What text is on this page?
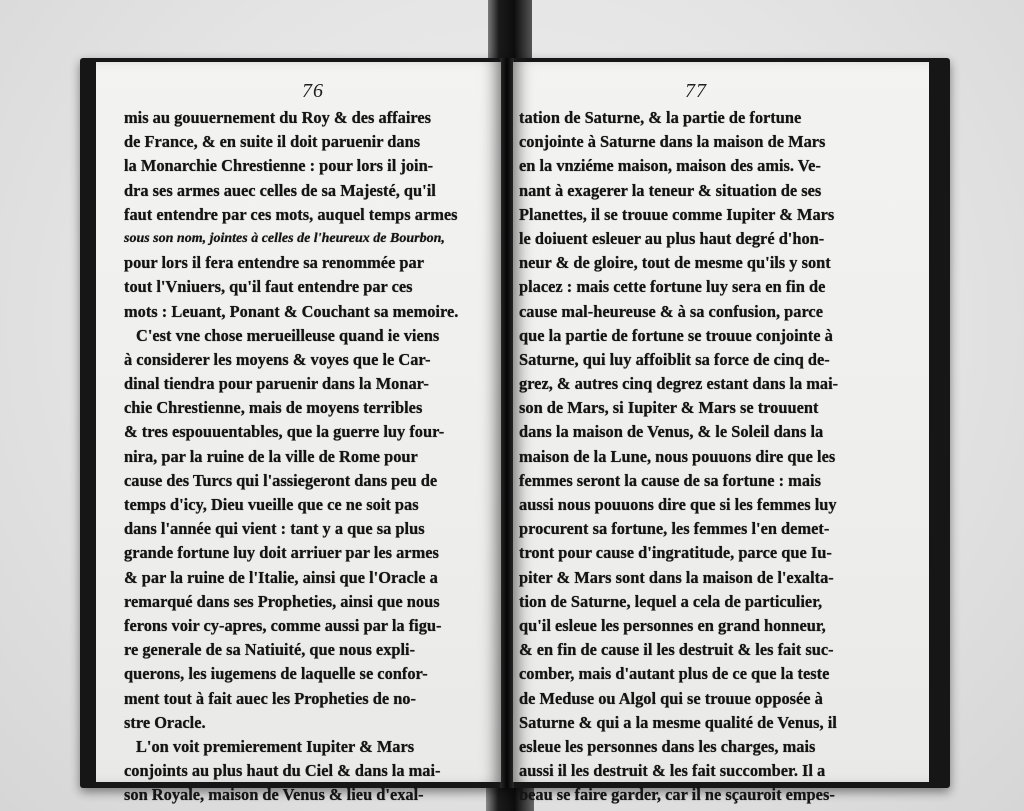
76
mis au gouuernement du Roy & des affaires
de France, & en suite il doit paruenir dans
la Monarchie Chrestienne : pour lors il join-
dra ses armes auec celles de sa Majesté, qu'il
faut entendre par ces mots, auquel temps armes
sous son nom, jointes à celles de l'heureux de Bourbon,
pour lors il fera entendre sa renommée par
tout l'Vniuers, qu'il faut entendre par ces
mots : Leuant, Ponant & Couchant sa memoire.
C'est vne chose merueilleuse quand ie viens
à considerer les moyens & voyes que le Car-
dinal tiendra pour paruenir dans la Monar-
chie Chrestienne, mais de moyens terribles
& tres espouuentables, que la guerre luy four-
nira, par la ruine de la ville de Rome pour
cause des Turcs qui l'assiegeront dans peu de
temps d'icy, Dieu vueille que ce ne soit pas
dans l'année qui vient : tant y a que sa plus
grande fortune luy doit arriuer par les armes
& par la ruine de l'Italie, ainsi que l'Oracle a
remarqué dans ses Propheties, ainsi que nous
ferons voir cy-apres, comme aussi par la figu-
re generale de sa Natiuité, que nous expli-
querons, les iugemens de laquelle se confor-
ment tout à fait auec les Propheties de no-
stre Oracle.
L'on voit premierement Iupiter & Mars
conjoints au plus haut du Ciel & dans la mai-
son Royale, maison de Venus & lieu d'exal-
77
tation de Saturne, & la partie de fortune
conjointe à Saturne dans la maison de Mars
en la vnziéme maison, maison des amis. Ve-
nant à exagerer la teneur & situation de ses
Planettes, il se trouue comme Iupiter & Mars
le doiuent esleuer au plus haut degré d'hon-
neur & de gloire, tout de mesme qu'ils y sont
placez : mais cette fortune luy sera en fin de
cause mal-heureuse & à sa confusion, parce
que la partie de fortune se trouue conjointe à
Saturne, qui luy affoiblit sa force de cinq de-
grez, & autres cinq degrez estant dans la mai-
son de Mars, si Iupiter & Mars se trouuent
dans la maison de Venus, & le Soleil dans la
maison de la Lune, nous pouuons dire que les
femmes seront la cause de sa fortune : mais
aussi nous pouuons dire que si les femmes luy
procurent sa fortune, les femmes l'en demet-
tront pour cause d'ingratitude, parce que Iu-
piter & Mars sont dans la maison de l'exalta-
tion de Saturne, lequel a cela de particulier,
qu'il esleue les personnes en grand honneur,
& en fin de cause il les destruit & les fait suc-
comber, mais d'autant plus de ce que la teste
de Meduse ou Algol qui se trouue opposée à
Saturne & qui a la mesme qualité de Venus, il
esleue les personnes dans les charges, mais
aussi il les destruit & les fait succomber. Il a
beau se faire garder, car il ne sçauroit empes-
